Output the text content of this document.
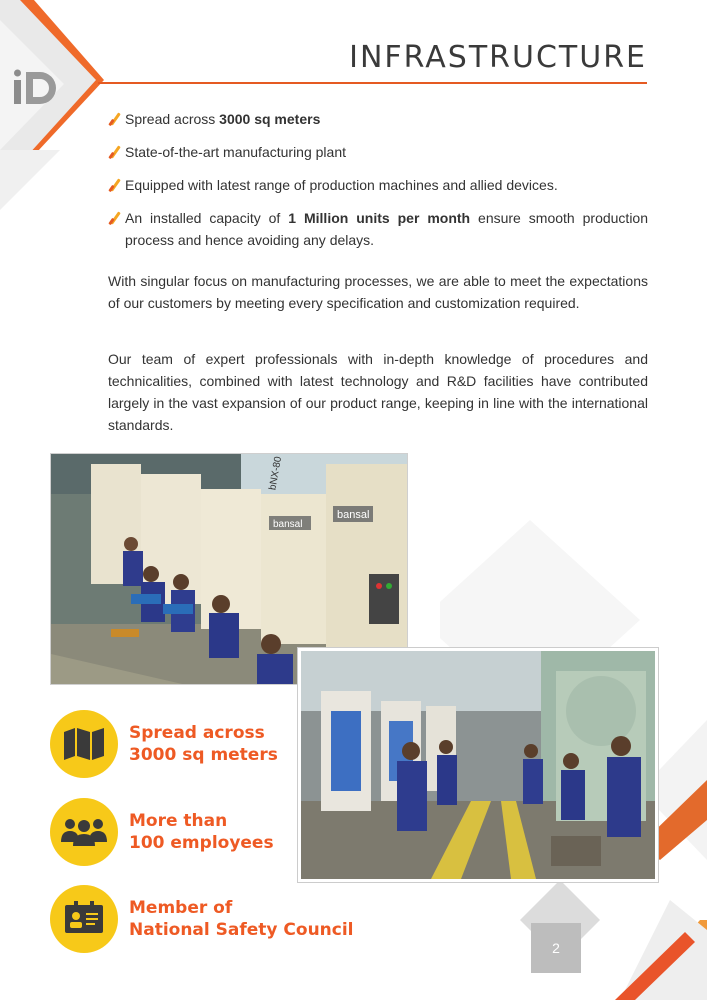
INFRASTRUCTURE
Spread across 3000 sq meters
State-of-the-art manufacturing plant
Equipped with latest range of production machines and allied devices.
An installed capacity of 1 Million units per month ensure smooth production process and hence avoiding any delays.

With singular focus on manufacturing processes, we are able to meet the expectations of our customers by meeting every specification and customization required.

Our team of expert professionals with in-depth knowledge of procedures and technicalities, combined with latest technology and R&D facilities have contributed largely in the vast expansion of our product range, keeping in line with the international standards.

bansal
bansal
bNX-80
Spread across
3000 sq meters
More than
100 employees
Member of
National Safety Council
2
